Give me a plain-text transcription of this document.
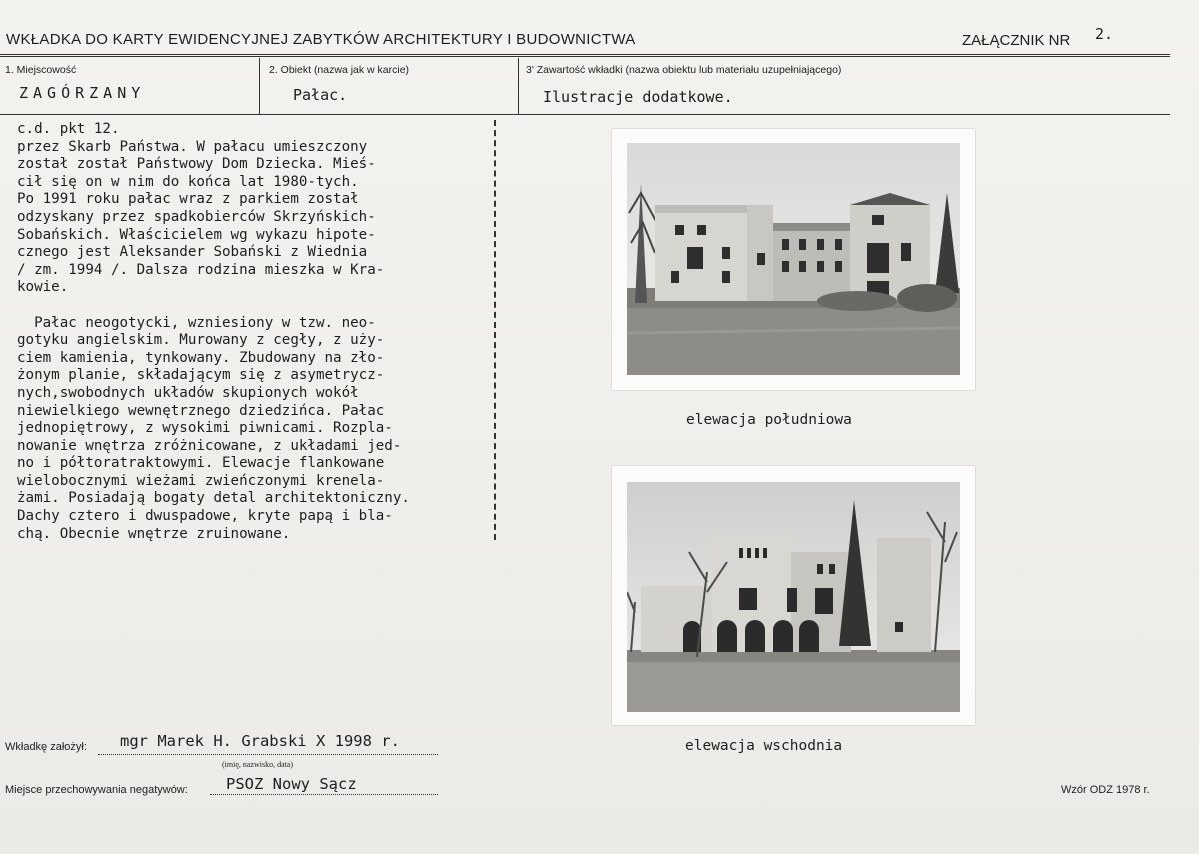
WKŁADKA DO KARTY EWIDENCYJNEJ ZABYTKÓW ARCHITEKTURY I BUDOWNICTWA	ZAŁĄCZNIK NR 2.
1. Miejscowość
ZAGÓRZANY
2. Obiekt (nazwa jak w karcie)
Pałac.
3' Zawartość wkładki (nazwa obiektu lub materiału uzupełniającego)
Ilustracje dodatkowe.
c.d. pkt 12.
przez Skarb Państwa. W pałacu umieszczony
został został Państwowy Dom Dziecka. Mieś-
cił się on w nim do końca lat 1980-tych.
Po 1991 roku pałac wraz z parkiem został
odzyskany przez spadkobierców Skrzyńskich-
Sobańskich. Właścicielem wg wykazu hipote-
cznego jest Aleksander Sobański z Wiednia
/ zm. 1994 /. Dalsza rodzina mieszka w Kra-
kowie.

Pałac neogotycki, wzniesiony w tzw. neo-
gotyku angielskim. Murowany z cegły, z uży-
ciem kamienia, tynkowany. Zbudowany na zło-
żonym planie, składającym się z asymetrycz-
nych,swobodnych układów skupionych wokół
niewielkiego wewnętrznego dziedzińca. Pałac
jednopiętrowy, z wysokimi piwnicami. Rozpla-
nowanie wnętrza zróżnicowane, z układami jed-
no i półtoratraktowymi. Elewacje flankowane
wielobocznymi wieżami zwieńczonymi krenela-
żami. Posiadają bogaty detal architektoniczny.
Dachy cztero i dwuspadowe, kryte papą i bla-
chą. Obecnie wnętrze zruinowane.
elewacja południowa
elewacja wschodnia
Wkładkę założył: mgr Marek H. Grabski X 1998 r.
(imię, nazwisko, data)
Miejsce przechowywania negatywów: PSOZ Nowy Sącz	Wzór ODZ 1978 r.
